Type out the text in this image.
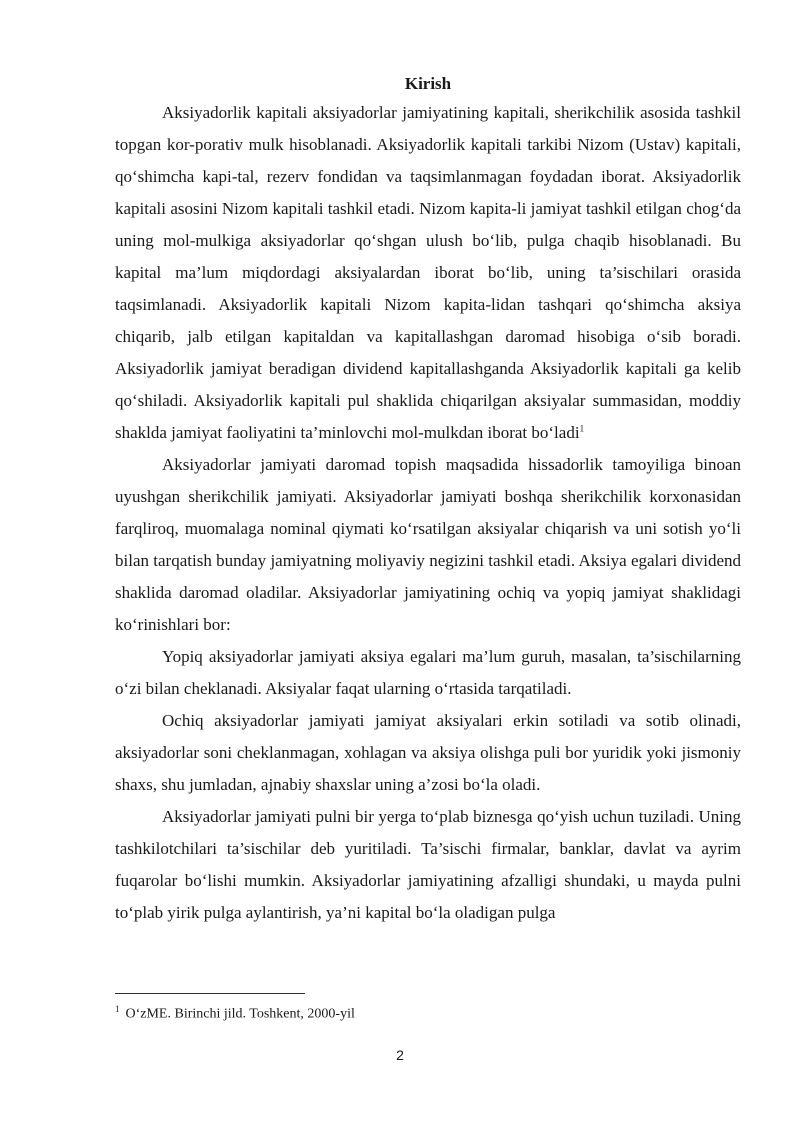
Kirish

Aksiyadorlik kapitali aksiyadorlar jamiyatining kapitali, sherikchilik asosida tashkil topgan kor-porativ mulk hisoblanadi. Aksiyadorlik kapitali tarkibi Nizom (Ustav) kapitali, qo‘shimcha kapi-tal, rezerv fondidan va taqsimlanmagan foydadan iborat. Aksiyadorlik kapitali asosini Nizom kapitali tashkil etadi. Nizom kapita-li jamiyat tashkil etilgan chog‘da uning mol-mulkiga aksiyadorlar qo‘shgan ulush bo‘lib, pulga chaqib hisoblanadi. Bu kapital ma’lum miqdordagi aksiyalardan iborat bo‘lib, uning ta’sischilari orasida taqsimlanadi. Aksiyadorlik kapitali Nizom kapita-lidan tashqari qo‘shimcha aksiya chiqarib, jalb etilgan kapitaldan va kapitallashgan daromad hisobiga o‘sib boradi. Aksiyadorlik jamiyat beradigan dividend kapitallashganda Aksiyadorlik kapitali ga kelib qo‘shiladi. Aksiyadorlik kapitali pul shaklida chiqarilgan aksiyalar summasidan, moddiy shaklda jamiyat faoliyatini ta’minlovchi mol-mulkdan iborat bo‘ladi$^1$

Aksiyadorlar jamiyati daromad topish maqsadida hissadorlik tamoyiliga binoan uyushgan sherikchilik jamiyati. Aksiyadorlar jamiyati boshqa sherikchilik korxonasidan farqliroq, muomalaga nominal qiymati ko‘rsatilgan aksiyalar chiqarish va uni sotish yo‘li bilan tarqatish bunday jamiyatning moliyaviy negizini tashkil etadi. Aksiya egalari dividend shaklida daromad oladilar. Aksiyadorlar jamiyatining ochiq va yopiq jamiyat shaklidagi ko‘rinishlari bor:

Yopiq aksiyadorlar jamiyati aksiya egalari ma’lum guruh, masalan, ta’sischilarning o‘zi bilan cheklanadi. Aksiyalar faqat ularning o‘rtasida tarqatiladi.

Ochiq aksiyadorlar jamiyati jamiyat aksiyalari erkin sotiladi va sotib olinadi, aksiyadorlar soni cheklanmagan, xohlagan va aksiya olishga puli bor yuridik yoki jismoniy shaxs, shu jumladan, ajnabiy shaxslar uning a’zosi bo‘la oladi.

Aksiyadorlar jamiyati pulni bir yerga to‘plab biznesga qo‘yish uchun tuziladi. Uning tashkilotchilari ta’sischilar deb yuritiladi. Ta’sischi firmalar, banklar, davlat va ayrim fuqarolar bo‘lishi mumkin. Aksiyadorlar jamiyatining afzalligi shundaki, u mayda pulni to‘plab yirik pulga aylantirish, ya’ni kapital bo‘la oladigan pulga

$^1$ O‘zME. Birinchi jild. Toshkent, 2000-yil
2
